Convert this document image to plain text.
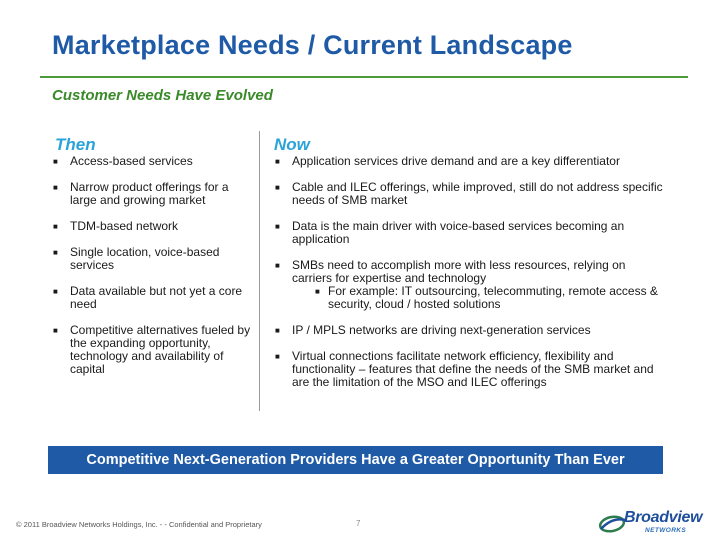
Marketplace Needs / Current Landscape
Customer Needs Have Evolved
Then	Now
■ Access-based services
■ Narrow product offerings for a large and growing market
■ TDM-based network
■ Single location, voice-based services
■ Data available but not yet a core need
■ Competitive alternatives fueled by the expanding opportunity, technology and availability of capital
■ Application services drive demand and are a key differentiator
■ Cable and ILEC offerings, while improved, still do not address specific needs of SMB market
■ Data is the main driver with voice-based services becoming an application
■ SMBs need to accomplish more with less resources, relying on carriers for expertise and technology
■ For example: IT outsourcing, telecommuting, remote access & security, cloud / hosted solutions
■ IP / MPLS networks are driving next-generation services
■ Virtual connections facilitate network efficiency, flexibility and functionality – features that define the needs of the SMB market and are the limitation of the MSO and ILEC offerings
Competitive Next-Generation Providers Have a Greater Opportunity Than Ever
© 2011 Broadview Networks Holdings, Inc. - - Confidential and Proprietary	7	Broadview
NETWORKS
